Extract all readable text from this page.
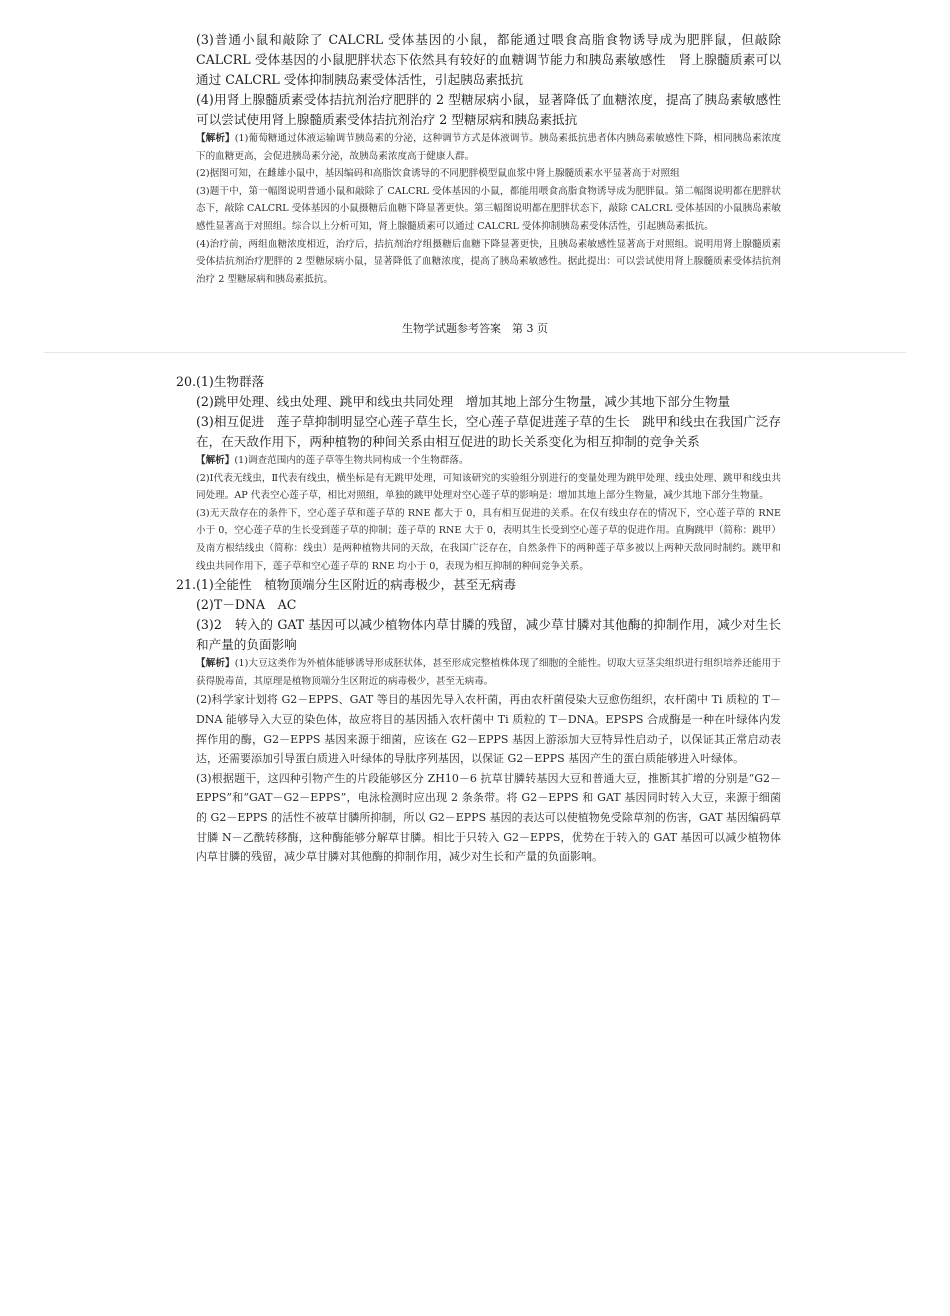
(3)普通小鼠和敲除了 CALCRL 受体基因的小鼠，都能通过喂食高脂食物诱导成为肥胖鼠，但敲除 CALCRL 受体基因的小鼠肥胖状态下依然具有较好的血糖调节能力和胰岛素敏感性　肾上腺髓质素可以通过 CALCRL 受体抑制胰岛素受体活性，引起胰岛素抵抗

(4)用肾上腺髓质素受体拮抗剂治疗肥胖的 2 型糖尿病小鼠，显著降低了血糖浓度，提高了胰岛素敏感性　可以尝试使用肾上腺髓质素受体拮抗剂治疗 2 型糖尿病和胰岛素抵抗

【解析】(1)葡萄糖通过体液运输调节胰岛素的分泌，这种调节方式是体液调节。胰岛素抵抗患者体内胰岛素敏感性下降，相同胰岛素浓度下的血糖更高，会促进胰岛素分泌，故胰岛素浓度高于健康人群。

(2)据图可知，在雌雄小鼠中，基因编码和高脂饮食诱导的不同肥胖模型鼠血浆中肾上腺髓质素水平显著高于对照组

(3)题干中，第一幅图说明普通小鼠和敲除了 CALCRL 受体基因的小鼠，都能用喂食高脂食物诱导成为肥胖鼠。第二幅图说明都在肥胖状态下，敲除 CALCRL 受体基因的小鼠摄糖后血糖下降显著更快。第三幅图说明都在肥胖状态下，敲除 CALCRL 受体基因的小鼠胰岛素敏感性显著高于对照组。综合以上分析可知，肾上腺髓质素可以通过 CALCRL 受体抑制胰岛素受体活性，引起胰岛素抵抗。

(4)治疗前，两组血糖浓度相近，治疗后，拮抗剂治疗组摄糖后血糖下降显著更快，且胰岛素敏感性显著高于对照组。说明用肾上腺髓质素受体拮抗剂治疗肥胖的 2 型糖尿病小鼠，显著降低了血糖浓度，提高了胰岛素敏感性。据此提出：可以尝试使用肾上腺髓质素受体拮抗剂治疗 2 型糖尿病和胰岛素抵抗。

生物学试题参考答案　第 3 页

20.(1)生物群落

(2)跳甲处理、线虫处理、跳甲和线虫共同处理　增加其地上部分生物量，减少其地下部分生物量

(3)相互促进　莲子草抑制明显空心莲子草生长，空心莲子草促进莲子草的生长　跳甲和线虫在我国广泛存在，在天敌作用下，两种植物的种间关系由相互促进的助长关系变化为相互抑制的竞争关系

【解析】(1)调查范围内的莲子草等生物共同构成一个生物群落。

(2)Ⅰ代表无线虫，Ⅱ代表有线虫，横坐标是有无跳甲处理，可知该研究的实验组分别进行的变量处理为跳甲处理、线虫处理、跳甲和线虫共同处理。AP 代表空心莲子草，相比对照组，单独的跳甲处理对空心莲子草的影响是：增加其地上部分生物量，减少其地下部分生物量。

(3)无天敌存在的条件下，空心莲子草和莲子草的 RNE 都大于 0，具有相互促进的关系。在仅有线虫存在的情况下，空心莲子草的 RNE 小于 0，空心莲子草的生长受到莲子草的抑制；莲子草的 RNE 大于 0，表明其生长受到空心莲子草的促进作用。直胸跳甲（简称：跳甲）及南方根结线虫（简称：线虫）是两种植物共同的天敌，在我国广泛存在，自然条件下的两种莲子草多被以上两种天敌同时制约。跳甲和线虫共同作用下，莲子草和空心莲子草的 RNE 均小于 0，表现为相互抑制的种间竞争关系。

21.(1)全能性　植物顶端分生区附近的病毒极少，甚至无病毒

(2)T－DNA　AC

(3)2　转入的 GAT 基因可以减少植物体内草甘膦的残留，减少草甘膦对其他酶的抑制作用，减少对生长和产量的负面影响

【解析】(1)大豆这类作为外植体能够诱导形成胚状体，甚至形成完整植株体现了细胞的全能性。切取大豆茎尖组织进行组织培养还能用于获得脱毒苗，其原理是植物顶端分生区附近的病毒极少，甚至无病毒。

(2)科学家计划将 G2－EPPS、GAT 等目的基因先导入农杆菌，再由农杆菌侵染大豆愈伤组织，农杆菌中 Ti 质粒的 T－DNA 能够导入大豆的染色体，故应将目的基因插入农杆菌中 Ti 质粒的 T－DNA。EPSPS 合成酶是一种在叶绿体内发挥作用的酶，G2－EPPS 基因来源于细菌，应该在 G2－EPPS 基因上游添加大豆特异性启动子，以保证其正常启动表达，还需要添加引导蛋白质进入叶绿体的导肽序列基因，以保证 G2－EPPS 基因产生的蛋白质能够进入叶绿体。

(3)根据题干，这四种引物产生的片段能够区分 ZH10－6 抗草甘膦转基因大豆和普通大豆，推断其扩增的分别是“G2－EPPS”和“GAT－G2－EPPS”，电泳检测时应出现 2 条条带。将 G2－EPPS 和 GAT 基因同时转入大豆，来源于细菌的 G2－EPPS 的活性不被草甘膦所抑制，所以 G2－EPPS 基因的表达可以使植物免受除草剂的伤害，GAT 基因编码草甘膦 N－乙酰转移酶，这种酶能够分解草甘膦。相比于只转入 G2－EPPS，优势在于转入的 GAT 基因可以减少植物体内草甘膦的残留，减少草甘膦对其他酶的抑制作用，减少对生长和产量的负面影响。
